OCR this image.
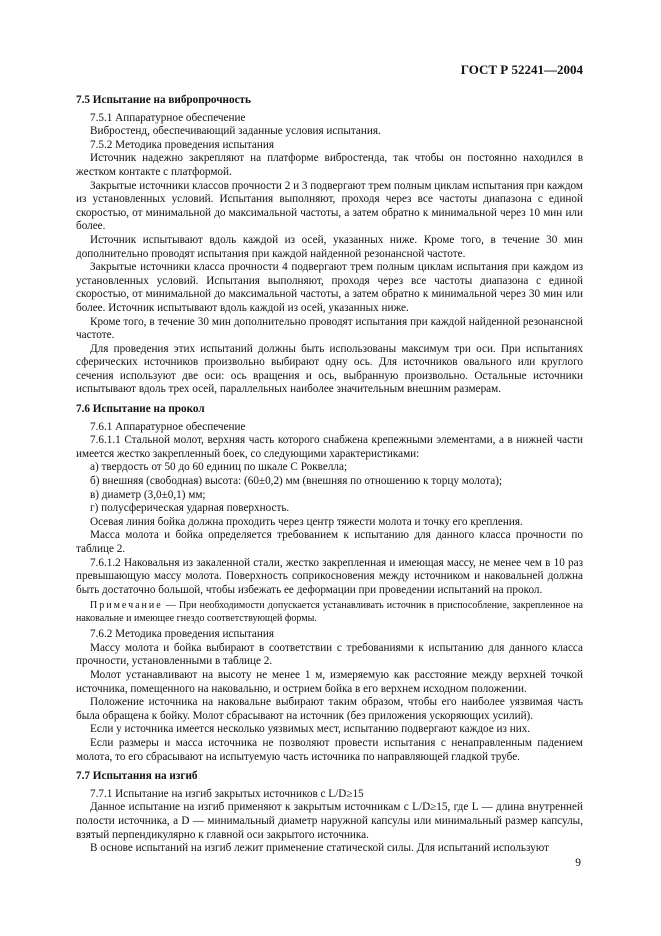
ГОСТ Р 52241—2004
7.5 Испытание на вибропрочность

7.5.1 Аппаратурное обеспечение

Вибростенд, обеспечивающий заданные условия испытания.

7.5.2 Методика проведения испытания

Источник надежно закрепляют на платформе вибростенда, так чтобы он постоянно находился в жестком контакте с платформой.

Закрытые источники классов прочности 2 и 3 подвергают трем полным циклам испытания при каждом из установленных условий. Испытания выполняют, проходя через все частоты диапазона с единой скоростью, от минимальной до максимальной частоты, а затем обратно к минимальной через 10 мин или более.

Источник испытывают вдоль каждой из осей, указанных ниже. Кроме того, в течение 30 мин дополнительно проводят испытания при каждой найденной резонансной частоте.

Закрытые источники класса прочности 4 подвергают трем полным циклам испытания при каждом из установленных условий. Испытания выполняют, проходя через все частоты диапазона с единой скоростью, от минимальной до максимальной частоты, а затем обратно к минимальной через 30 мин или более. Источник испытывают вдоль каждой из осей, указанных ниже.

Кроме того, в течение 30 мин дополнительно проводят испытания при каждой найденной резонансной частоте.

Для проведения этих испытаний должны быть использованы максимум три оси. При испытаниях сферических источников произвольно выбирают одну ось. Для источников овального или круглого сечения используют две оси: ось вращения и ось, выбранную произвольно. Остальные источники испытывают вдоль трех осей, параллельных наиболее значительным внешним размерам.

7.6 Испытание на прокол

7.6.1 Аппаратурное обеспечение

7.6.1.1 Стальной молот, верхняя часть которого снабжена крепежными элементами, а в нижней части имеется жестко закрепленный боек, со следующими характеристиками:

а) твердость от 50 до 60 единиц по шкале С Роквелла;

б) внешняя (свободная) высота: (60±0,2) мм (внешняя по отношению к торцу молота);

в) диаметр (3,0±0,1) мм;

г) полусферическая ударная поверхность.

Осевая линия бойка должна проходить через центр тяжести молота и точку его крепления.

Масса молота и бойка определяется требованием к испытанию для данного класса прочности по таблице 2.

7.6.1.2 Наковальня из закаленной стали, жестко закрепленная и имеющая массу, не менее чем в 10 раз превышающую массу молота. Поверхность соприкосновения между источником и наковальней должна быть достаточно большой, чтобы избежать ее деформации при проведении испытаний на прокол.

Примечание — При необходимости допускается устанавливать источник в приспособление, закрепленное на наковальне и имеющее гнездо соответствующей формы.

7.6.2 Методика проведения испытания

Массу молота и бойка выбирают в соответствии с требованиями к испытанию для данного класса прочности, установленными в таблице 2.

Молот устанавливают на высоту не менее 1 м, измеряемую как расстояние между верхней точкой источника, помещенного на наковальню, и острием бойка в его верхнем исходном положении.

Положение источника на наковальне выбирают таким образом, чтобы его наиболее уязвимая часть была обращена к бойку. Молот сбрасывают на источник (без приложения ускоряющих усилий).

Если у источника имеется несколько уязвимых мест, испытанию подвергают каждое из них.

Если размеры и масса источника не позволяют провести испытания с ненаправленным падением молота, то его сбрасывают на испытуемую часть источника по направляющей гладкой трубе.

7.7 Испытания на изгиб

7.7.1 Испытание на изгиб закрытых источников с L/D≥15

Данное испытание на изгиб применяют к закрытым источникам с L/D≥15, где L — длина внутренней полости источника, а D — минимальный диаметр наружной капсулы или минимальный размер капсулы, взятый перпендикулярно к главной оси закрытого источника.

В основе испытаний на изгиб лежит применение статической силы. Для испытаний используют

9
